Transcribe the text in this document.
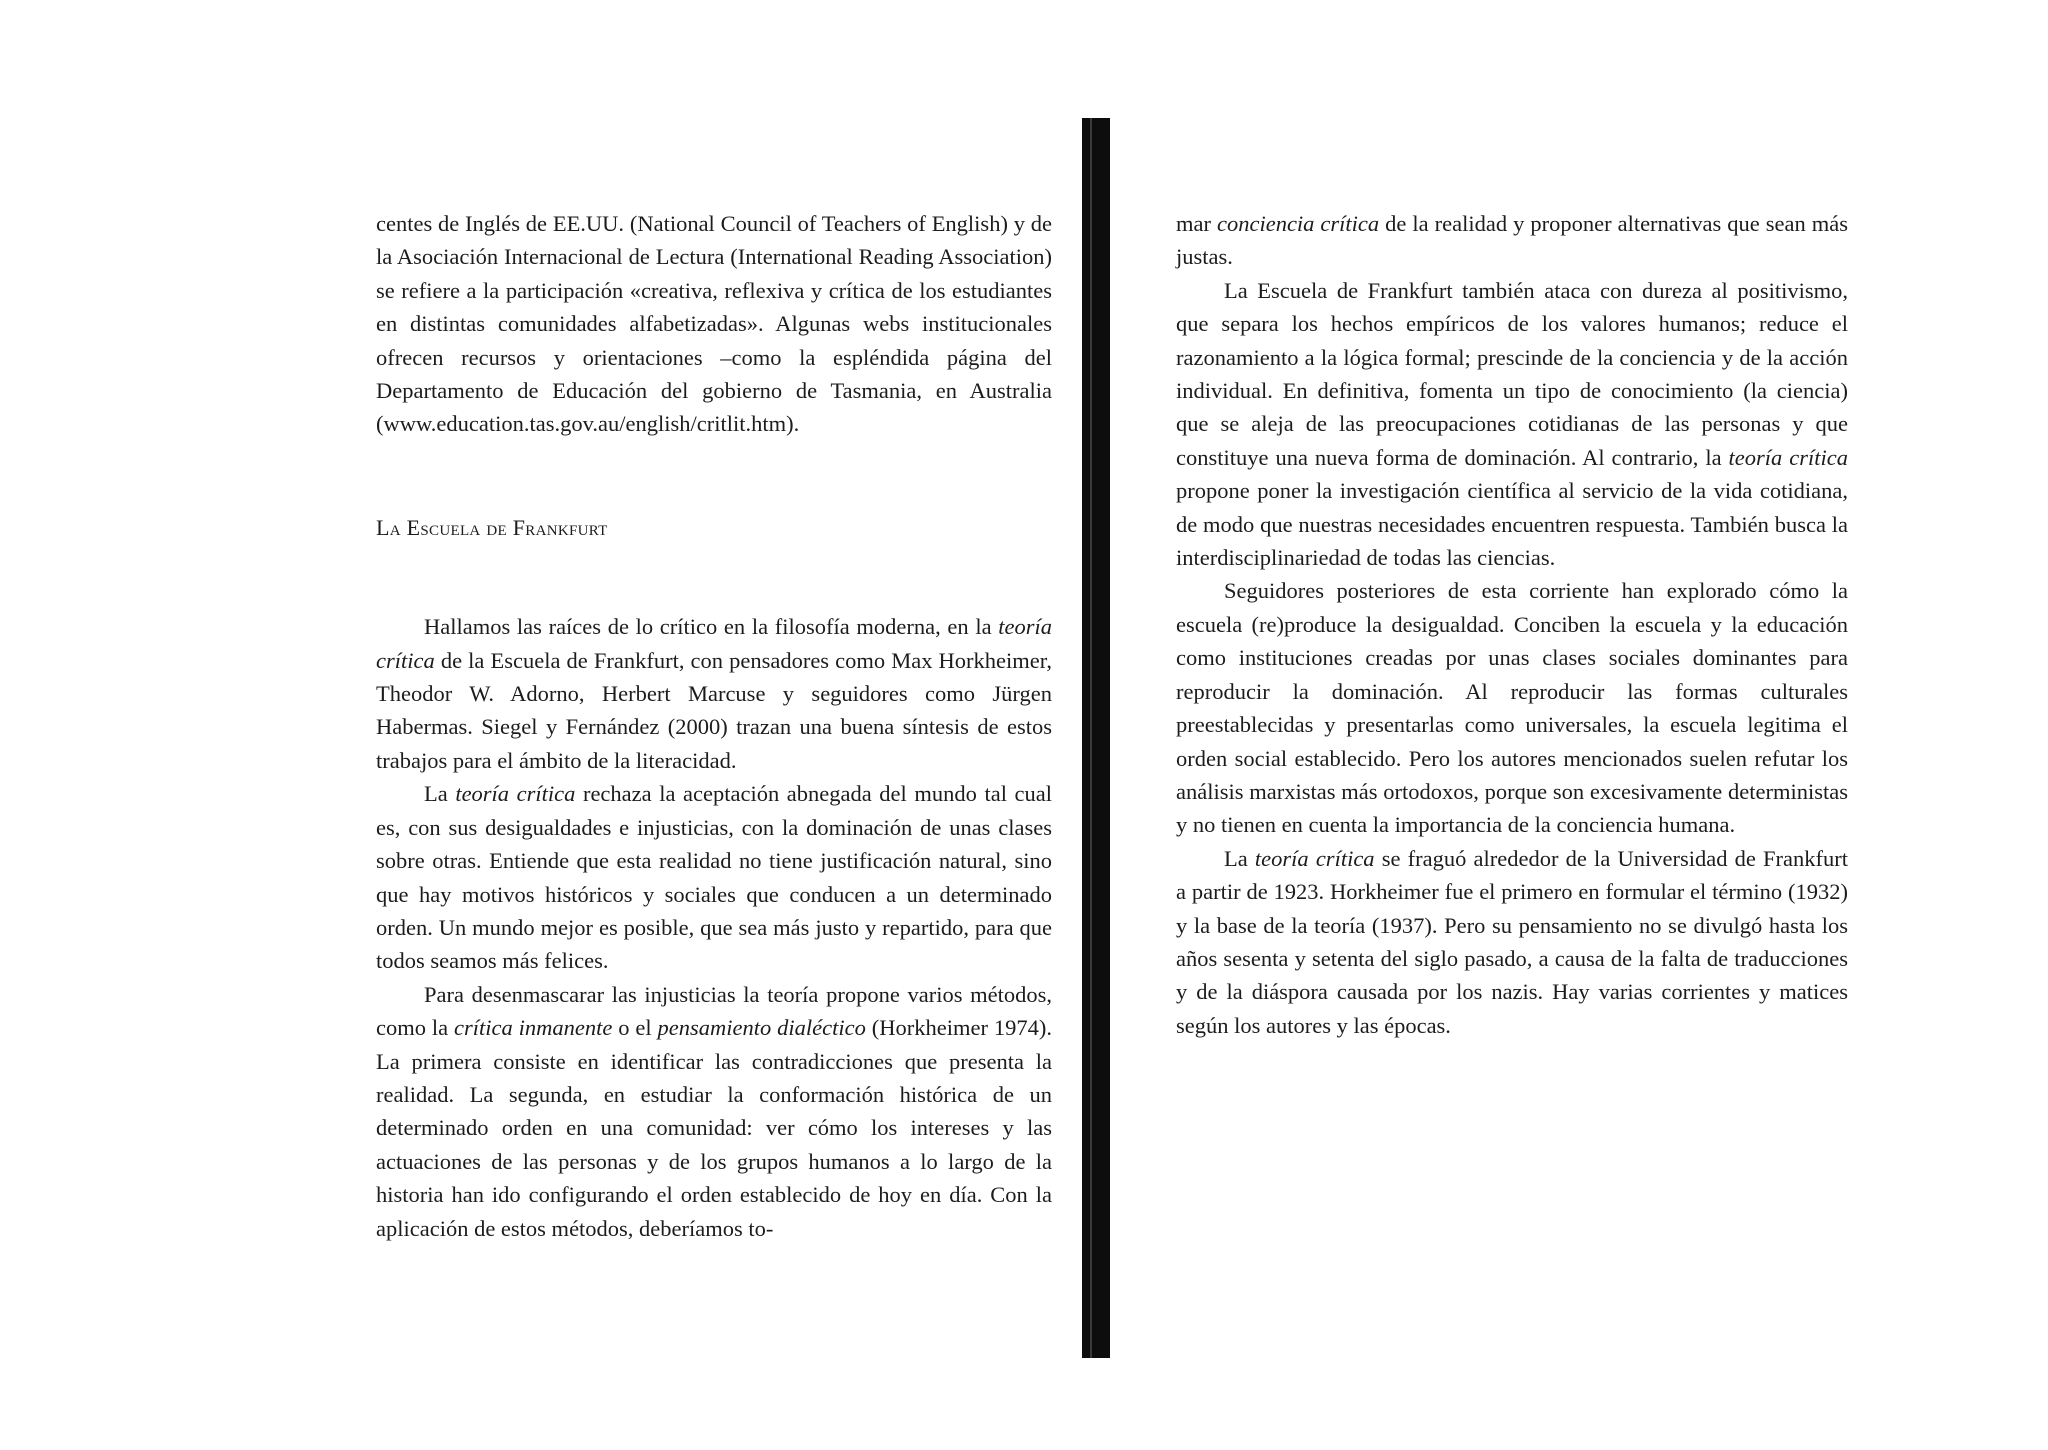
centes de Inglés de EE.UU. (National Council of Teachers of English) y de la Asociación Internacional de Lectura (International Reading Association) se refiere a la participación «creativa, reflexiva y crítica de los estudiantes en distintas comunidades alfabetizadas». Algunas webs institucionales ofrecen recursos y orientaciones –como la espléndida página del Departamento de Educación del gobierno de Tasmania, en Australia (www.education.tas.gov.au/english/critlit.htm).

La Escuela de Frankfurt

Hallamos las raíces de lo crítico en la filosofía moderna, en la teoría crítica de la Escuela de Frankfurt, con pensadores como Max Horkheimer, Theodor W. Adorno, Herbert Marcuse y seguidores como Jürgen Habermas. Siegel y Fernández (2000) trazan una buena síntesis de estos trabajos para el ámbito de la literacidad.

La teoría crítica rechaza la aceptación abnegada del mundo tal cual es, con sus desigualdades e injusticias, con la dominación de unas clases sobre otras. Entiende que esta realidad no tiene justificación natural, sino que hay motivos históricos y sociales que conducen a un determinado orden. Un mundo mejor es posible, que sea más justo y repartido, para que todos seamos más felices.

Para desenmascarar las injusticias la teoría propone varios métodos, como la crítica inmanente o el pensamiento dialéctico (Horkheimer 1974). La primera consiste en identificar las contradicciones que presenta la realidad. La segunda, en estudiar la conformación histórica de un determinado orden en una comunidad: ver cómo los intereses y las actuaciones de las personas y de los grupos humanos a lo largo de la historia han ido configurando el orden establecido de hoy en día. Con la aplicación de estos métodos, deberíamos to-

mar conciencia crítica de la realidad y proponer alternativas que sean más justas.

La Escuela de Frankfurt también ataca con dureza al positivismo, que separa los hechos empíricos de los valores humanos; reduce el razonamiento a la lógica formal; prescinde de la conciencia y de la acción individual. En definitiva, fomenta un tipo de conocimiento (la ciencia) que se aleja de las preocupaciones cotidianas de las personas y que constituye una nueva forma de dominación. Al contrario, la teoría crítica propone poner la investigación científica al servicio de la vida cotidiana, de modo que nuestras necesidades encuentren respuesta. También busca la interdisciplinariedad de todas las ciencias.

Seguidores posteriores de esta corriente han explorado cómo la escuela (re)produce la desigualdad. Conciben la escuela y la educación como instituciones creadas por unas clases sociales dominantes para reproducir la dominación. Al reproducir las formas culturales preestablecidas y presentarlas como universales, la escuela legitima el orden social establecido. Pero los autores mencionados suelen refutar los análisis marxistas más ortodoxos, porque son excesivamente deterministas y no tienen en cuenta la importancia de la conciencia humana.

La teoría crítica se fraguó alrededor de la Universidad de Frankfurt a partir de 1923. Horkheimer fue el primero en formular el término (1932) y la base de la teoría (1937). Pero su pensamiento no se divulgó hasta los años sesenta y setenta del siglo pasado, a causa de la falta de traducciones y de la diáspora causada por los nazis. Hay varias corrientes y matices según los autores y las épocas.
